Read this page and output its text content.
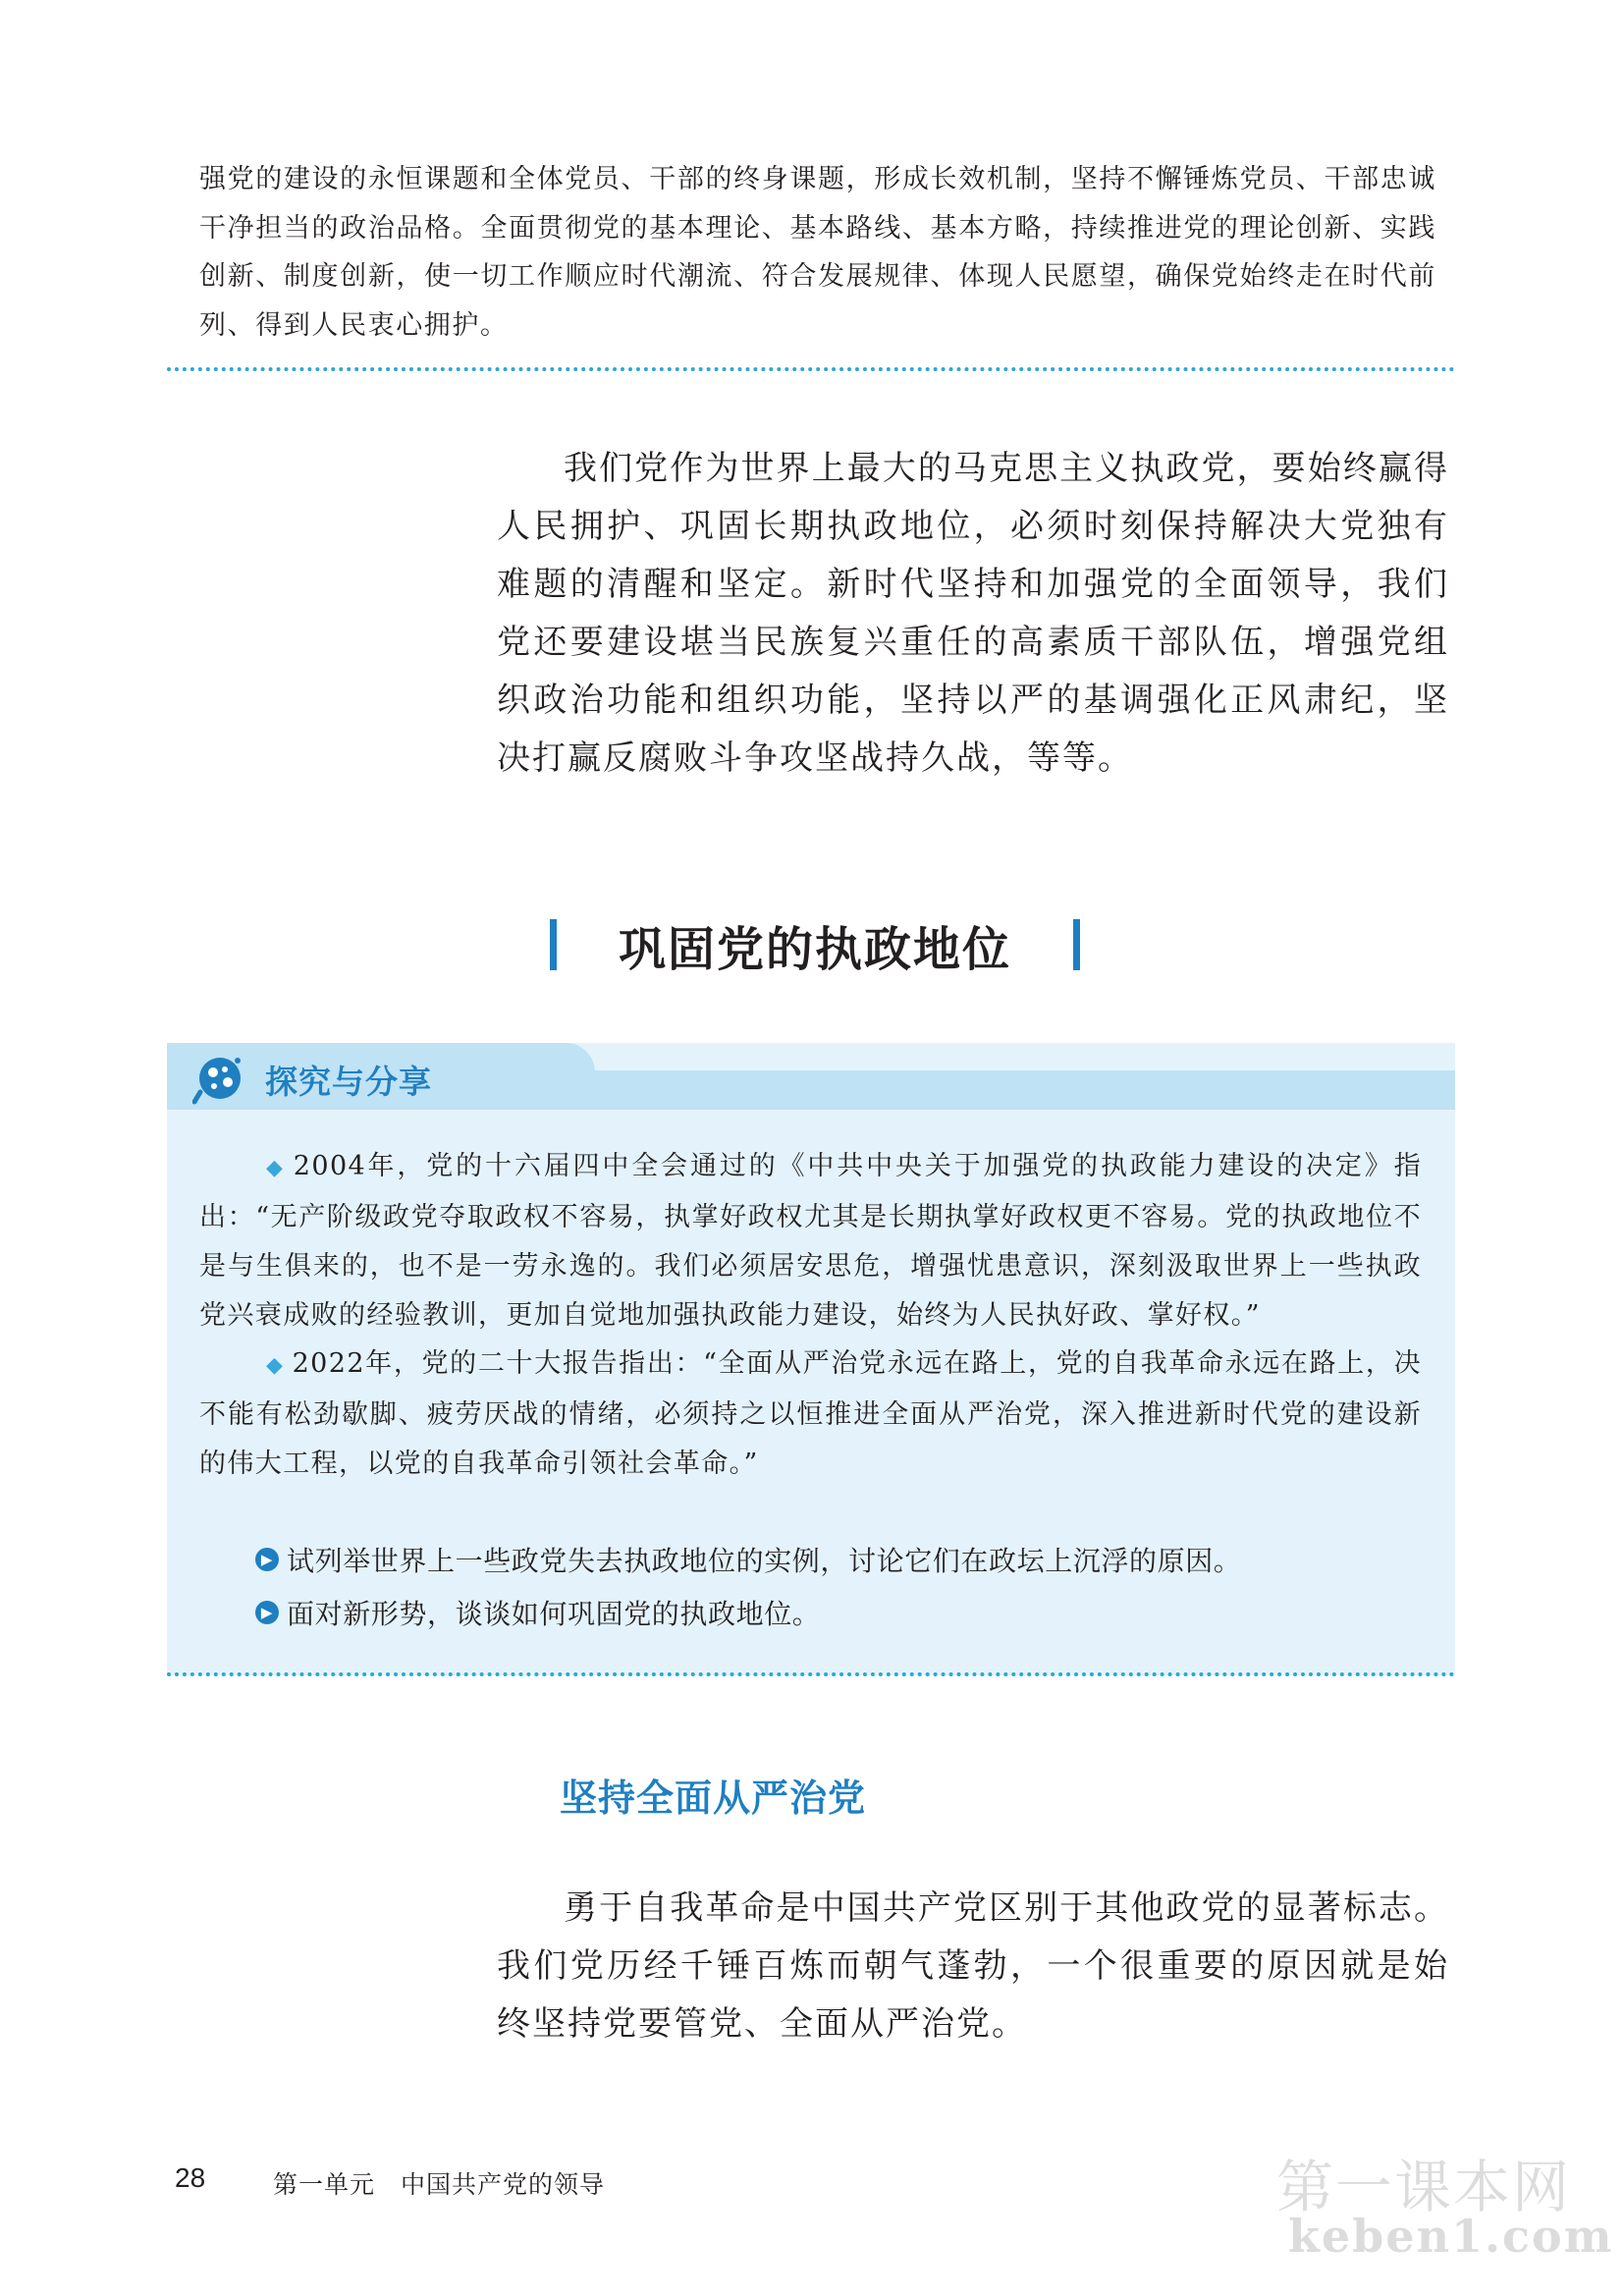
强党的建设的永恒课题和全体党员、干部的终身课题，形成长效机制，坚持不懈锤炼党员、干部忠诚干净担当的政治品格。全面贯彻党的基本理论、基本路线、基本方略，持续推进党的理论创新、实践创新、制度创新，使一切工作顺应时代潮流、符合发展规律、体现人民愿望，确保党始终走在时代前列、得到人民衷心拥护。
我们党作为世界上最大的马克思主义执政党，要始终赢得人民拥护、巩固长期执政地位，必须时刻保持解决大党独有难题的清醒和坚定。新时代坚持和加强党的全面领导，我们党还要建设堪当民族复兴重任的高素质干部队伍，增强党组织政治功能和组织功能，坚持以严的基调强化正风肃纪，坚决打赢反腐败斗争攻坚战持久战，等等。
巩固党的执政地位
探究与分享
◆ 2004年，党的十六届四中全会通过的《中共中央关于加强党的执政能力建设的决定》指出：“无产阶级政党夺取政权不容易，执掌好政权尤其是长期执掌好政权更不容易。党的执政地位不是与生俱来的，也不是一劳永逸的。我们必须居安思危，增强忧患意识，深刻汲取世界上一些执政党兴衰成败的经验教训，更加自觉地加强执政能力建设，始终为人民执好政、掌好权。”
◆ 2022年，党的二十大报告指出：“全面从严治党永远在路上，党的自我革命永远在路上，决不能有松劲歇脚、疲劳厌战的情绪，必须持之以恒推进全面从严治党，深入推进新时代党的建设新的伟大工程，以党的自我革命引领社会革命。”
▶ 试列举世界上一些政党失去执政地位的实例，讨论它们在政坛上沉浮的原因。
▶ 面对新形势，谈谈如何巩固党的执政地位。
坚持全面从严治党
勇于自我革命是中国共产党区别于其他政党的显著标志。我们党历经千锤百炼而朝气蓬勃，一个很重要的原因就是始终坚持党要管党、全面从严治党。
28	第一单元 中国共产党的领导	第一课本网
keben1.com
